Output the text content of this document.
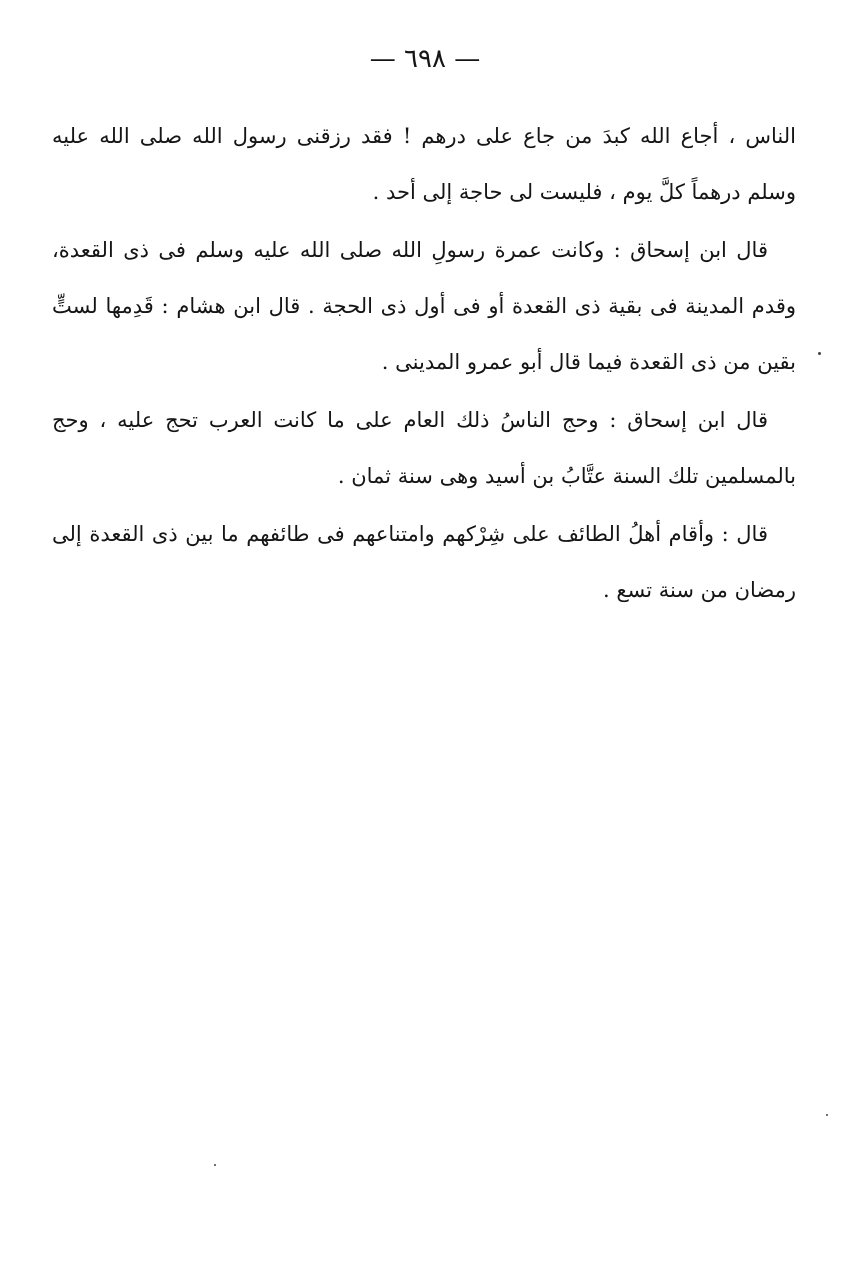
— ٦٩٨ —

الناس ، أجاع الله كبدَ من جاع على درهم ! فقد رزقنى رسول الله صلى الله عليه وسلم درهماً كلَّ يوم ، فليست لى حاجة إلى أحد .

قال ابن إسحاق : وكانت عمرة رسولِ الله صلى الله عليه وسلم فى ذى القعدة، وقدم المدينة فى بقية ذى القعدة أو فى أول ذى الحجة . قال ابن هشام : قَدِمها لستٍّ بقين من ذى القعدة فيما قال أبو عمرو المدينى .

قال ابن إسحاق : وحج الناسُ ذلك العام على ما كانت العرب تحج عليه ، وحج بالمسلمين تلك السنة عتَّابُ بن أسيد وهى سنة ثمان .

قال : وأقام أهلُ الطائف على شِرْكهم وامتناعهم فى طائفهم ما بين ذى القعدة إلى رمضان من سنة تسع .
